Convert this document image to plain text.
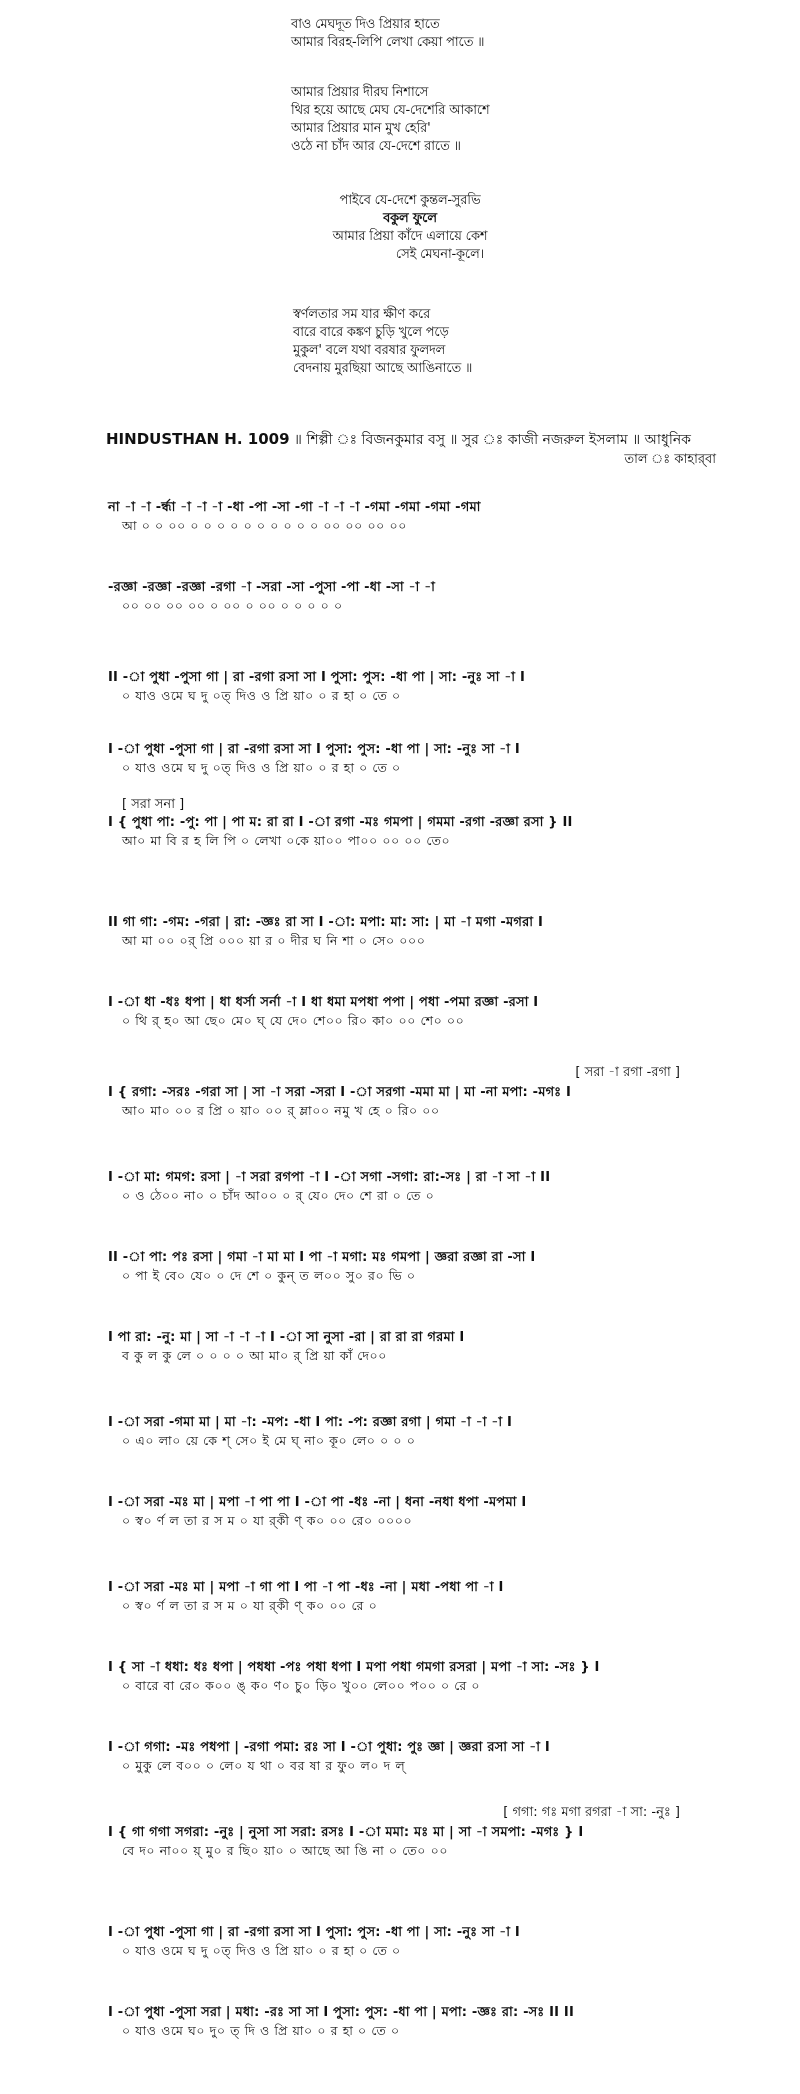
বাও মেঘদূত দিও প্রিয়ার হাতে
আমার বিরহ-লিপি লেখা কেয়া পাতে ॥
আমার প্রিয়ার দীরঘ নিশাসে
থির হয়ে আছে মেঘ যে-দেশেরি আকাশে
আমার প্রিয়ার মান মুখ হেরি'
ওঠে না চাঁদ আর যে-দেশে রাতে ॥
পাইবে যে-দেশে কুন্তল-সুরভি
বকুল ফুলে
আমার প্রিয়া কাঁদে এলায়ে কেশ
সেই মেঘনা-কূলে।
স্বর্ণলতার সম যার ক্ষীণ করে
বারে বারে কঙ্কণ চুড়ি খুলে পড়ে
মুকুল' বলে যথা বরষার ফুলদল
বেদনায় মুরছিয়া আছে আঙিনাতে ॥
HINDUSTHAN H. 1009 ॥ শিল্পী ঃ বিজনকুমার বসু ॥ সুর ঃ কাজী নজরুল ইসলাম ॥ আধুনিক
তাল ঃ কাহার্‌বা
না -া -া -র্ন্ধা -া -া -া -ধা -পা -সা -গা -া -া -া -গমা -গমা -গমা -গমা
আ ০ ০ ০০ ০ ০ ০ ০ ০ ০ ০ ০ ০ ০ ০০ ০০ ০০ ০০
-রজ্ঞা -রজ্ঞা -রজ্ঞা -রগা -া -সরা -সা -পুসা -পা -ধা -সা -া -া
০০ ০০ ০০ ০০ ০ ০০ ০ ০০ ০ ০ ০ ০ ০
II -া পুধা -পুসা গা | রা -রগা রসা সা I পুসা: পুস: -ধা পা | সা: -নুঃ সা -া I
০ যাও ওমে ঘ দু ০ত্‌ দিও ও প্রি য়া০ ০ র হা ০ তে ০
I -া পুধা -পুসা গা | রা -রগা রসা সা I পুসা: পুস: -ধা পা | সা: -নুঃ সা -া I
০ যাও ওমে ঘ দু ০ত্‌ দিও ও প্রি য়া০ ০ র হা ০ তে ০
[ সরা সনা ]
I { পুধা পা: -পু: পা | পা ম: রা রা I -া রগা -মঃ গমপা | গমমা -রগা -রজ্ঞা রসা } II
আ০ মা বি র হ লি পি ০ লেখা ০কে য়া০০ পা০০ ০০ ০০ তে০
II গা গা: -গম: -গরা | রা: -জ্ঞঃ রা সা I -া: মপা: মা: সা: | মা -া মগা -মগরা I
আ মা ০০ ০র্‌ প্রি ০০০ য়া র ০ দীর ঘ নি শা ০ সে০ ০০০
I -া ধা -ধঃ ধপা | ধা ধর্সা সর্না -া I ধা ধমা মপধা পপা | পধা -পমা রজ্ঞা -রসা I
০ থি র্‌ হ০ আ ছে০ মে০ ঘ্‌ যে দে০ শে০০ রি০ কা০ ০০ শে০ ০০
[ সরা -া রগা -রগা ]
I { রগা: -সরঃ -গরা সা | সা -া সরা -সরা I -া সরগা -মমা মা | মা -না মপা: -মগঃ I
আ০ মা০ ০০ র প্রি ০ য়া০ ০০ র্‌ ম্লা০০ নমু খ হে ০ রি০ ০০
I -া মা: গমগ: রসা | -া সরা রগপা -া I -া সগা -সগা: রা:-সঃ | রা -া সা -া II
০ ও ঠে০০ না০ ০ চাঁদ আ০০ ০ র্‌ যে০ দে০ শে রা ০ তে ০
II -া পা: পঃ রসা | গমা -া মা মা I পা -া মগা: মঃ গমপা | জ্ঞরা রজ্ঞা রা -সা I
০ পা ই বে০ যে০ ০ দে শে ০ কুন্‌ ত ল০০ সু০ র০ ভি ০
I পা রা: -নু: মা | সা -া -া -া I -া সা নুসা -রা | রা রা রা গরমা I
ব কু ল কু লে ০ ০ ০ ০ আ মা০ র্‌ প্রি য়া কাঁ দে০০
I -া সরা -গমা মা | মা -া: -মপ: -ধা I পা: -প: রজ্ঞা রগা | গমা -া -া -া I
০ এ০ লা০ য়ে কে শ্‌ সে০ ই মে ঘ্‌ না০ কূ০ লে০ ০ ০ ০
I -া সরা -মঃ মা | মপা -া পা পা I -া পা -ধঃ -না | ধনা -নধা ধপা -মপমা I
০ স্ব০ র্ণ ল তা র স ম ০ যা র্‌কী ণ্‌ ক০ ০০ রে০ ০০০০
I -া সরা -মঃ মা | মপা -া গা পা I পা -া পা -ধঃ -না | মধা -পধা পা -া I
০ স্ব০ র্ণ ল তা র স ম ০ যা র্‌কী ণ্‌ ক০ ০০ রে ০
I { সা -া ধধা: ধঃ ধপা | পধধা -পঃ পধা ধপা I মপা পধা গমগা রসরা | মপা -া সা: -সঃ } I
০ বারে বা রে০ ক০০ ঙ্‌ ক০ ণ০ চু০ ড়ি০ খু০০ লে০০ প০০ ০ রে ০
I -া গগা: -মঃ পধপা | -রগা পমা: রঃ সা I -া পুধা: পুঃ জ্ঞা | জ্ঞরা রসা সা -া I
০ মুকু লে ব০০ ০ লে০ য থা ০ বর ষা র ফু০ ল০ দ ল্‌
[ গগা: গঃ মগা রগরা -া সা: -নুঃ ]
I { গা গগা সগরা: -নুঃ | নুসা সা সরা: রসঃ I -া মমা: মঃ মা | সা -া সমপা: -মগঃ } I
বে দ০ না০০ য়্‌ মু০ র ছি০ য়া০ ০ আছে আ ঙি না ০ তে০ ০০
I -া পুধা -পুসা গা | রা -রগা রসা সা I পুসা: পুস: -ধা পা | সা: -নুঃ সা -া I
০ যাও ওমে ঘ দু ০ত্‌ দিও ও প্রি য়া০ ০ র হা ০ তে ০
I -া পুধা -পুসা সরা | মধা: -রঃ সা সা I পুসা: পুস: -ধা পা | মপা: -জ্ঞঃ রা: -সঃ II II
০ যাও ওমে ঘ০ দু০ ত্‌ দি ও প্রি য়া০ ০ র হা ০ তে ০
